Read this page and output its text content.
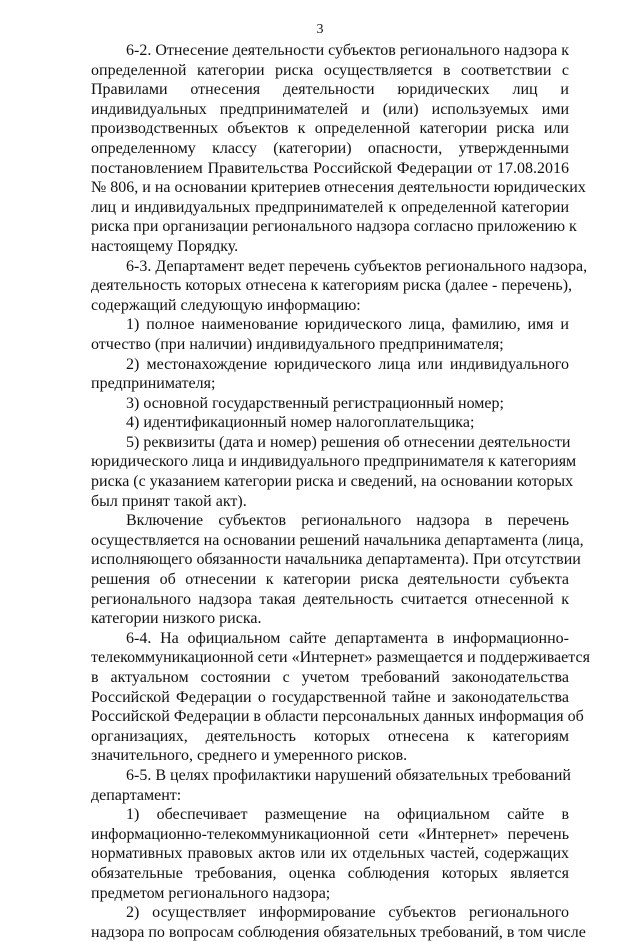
3
6-2. Отнесение деятельности субъектов регионального надзора к
определенной категории риска осуществляется в соответствии с
Правилами отнесения деятельности юридических лиц и
индивидуальных предпринимателей и (или) используемых ими
производственных объектов к определенной категории риска или
определенному классу (категории) опасности, утвержденными
постановлением Правительства Российской Федерации от 17.08.2016
№ 806, и на основании критериев отнесения деятельности юридических
лиц и индивидуальных предпринимателей к определенной категории
риска при организации регионального надзора согласно приложению к
настоящему Порядку.
6-3. Департамент ведет перечень субъектов регионального надзора,
деятельность которых отнесена к категориям риска (далее - перечень),
содержащий следующую информацию:
1) полное наименование юридического лица, фамилию, имя и
отчество (при наличии) индивидуального предпринимателя;
2) местонахождение юридического лица или индивидуального
предпринимателя;
3) основной государственный регистрационный номер;
4) идентификационный номер налогоплательщика;
5) реквизиты (дата и номер) решения об отнесении деятельности
юридического лица и индивидуального предпринимателя к категориям
риска (с указанием категории риска и сведений, на основании которых
был принят такой акт).
Включение субъектов регионального надзора в перечень
осуществляется на основании решений начальника департамента (лица,
исполняющего обязанности начальника департамента). При отсутствии
решения об отнесении к категории риска деятельности субъекта
регионального надзора такая деятельность считается отнесенной к
категории низкого риска.
6-4. На официальном сайте департамента в информационно-
телекоммуникационной сети «Интернет» размещается и поддерживается
в актуальном состоянии с учетом требований законодательства
Российской Федерации о государственной тайне и законодательства
Российской Федерации в области персональных данных информация об
организациях, деятельность которых отнесена к категориям
значительного, среднего и умеренного рисков.
6-5. В целях профилактики нарушений обязательных требований
департамент:
1) обеспечивает размещение на официальном сайте в
информационно-телекоммуникационной сети «Интернет» перечень
нормативных правовых актов или их отдельных частей, содержащих
обязательные требования, оценка соблюдения которых является
предметом регионального надзора;
2) осуществляет информирование субъектов регионального
надзора по вопросам соблюдения обязательных требований, в том числе
